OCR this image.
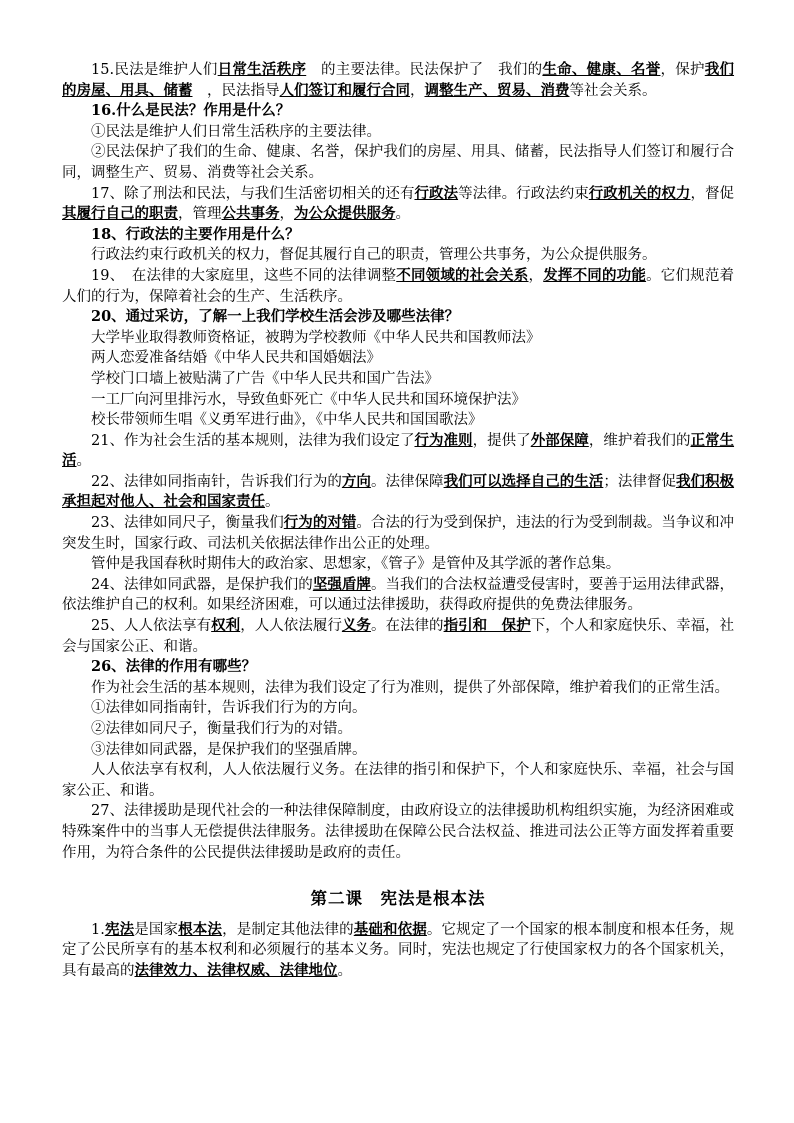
15.民法是维护人们日常生活秩序　的主要法律。民法保护了　我们的生命、健康、名誉，保护我们的房屋、用具、储蓄　，民法指导人们签订和履行合同，调整生产、贸易、消费等社会关系。

16.什么是民法？作用是什么？

①民法是维护人们日常生活秩序的主要法律。

②民法保护了我们的生命、健康、名誉，保护我们的房屋、用具、储蓄，民法指导人们签订和履行合同，调整生产、贸易、消费等社会关系。

17、除了刑法和民法，与我们生活密切相关的还有行政法等法律。行政法约束行政机关的权力，督促其履行自己的职责，管理公共事务，为公众提供服务。

18、行政法的主要作用是什么？

行政法约束行政机关的权力，督促其履行自己的职责，管理公共事务，为公众提供服务。

19、　在法律的大家庭里，这些不同的法律调整不同领域的社会关系，发挥不同的功能。它们规范着人们的行为，保障着社会的生产、生活秩序。

20、通过采访，了解一上我们学校生活会涉及哪些法律？

大学毕业取得教师资格证，被聘为学校教师《中华人民共和国教师法》

两人恋爱准备结婚《中华人民共和国婚姻法》

学校门口墙上被贴满了广告《中华人民共和国广告法》

一工厂向河里排污水，导致鱼虾死亡《中华人民共和国环境保护法》

校长带领师生唱《义勇军进行曲》，《中华人民共和国国歌法》

21、作为社会生活的基本规则，法律为我们设定了行为准则，提供了外部保障，维护着我们的正常生活。

22、法律如同指南针，告诉我们行为的方向。法律保障我们可以选择自己的生活；法律督促我们积极承担起对他人、社会和国家责任。

23、法律如同尺子，衡量我们行为的对错。合法的行为受到保护，违法的行为受到制裁。当争议和冲突发生时，国家行政、司法机关依据法律作出公正的处理。

管仲是我国春秋时期伟大的政治家、思想家，《管子》是管仲及其学派的著作总集。

24、法律如同武器，是保护我们的坚强盾牌。当我们的合法权益遭受侵害时，要善于运用法律武器，依法维护自己的权利。如果经济困难，可以通过法律援助，获得政府提供的免费法律服务。

25、人人依法享有权利，人人依法履行义务。在法律的指引和　保护下，个人和家庭快乐、幸福，社会与国家公正、和谐。

26、法律的作用有哪些？

作为社会生活的基本规则，法律为我们设定了行为准则，提供了外部保障，维护着我们的正常生活。

①法律如同指南针，告诉我们行为的方向。

②法律如同尺子，衡量我们行为的对错。

③法律如同武器，是保护我们的坚强盾牌。

人人依法享有权利，人人依法履行义务。在法律的指引和保护下，个人和家庭快乐、幸福，社会与国家公正、和谐。

27、法律援助是现代社会的一种法律保障制度，由政府设立的法律援助机构组织实施，为经济困难或特殊案件中的当事人无偿提供法律服务。法律援助在保障公民合法权益、推进司法公正等方面发挥着重要作用，为符合条件的公民提供法律援助是政府的责任。

第二课　宪法是根本法

1.宪法是国家根本法，是制定其他法律的基础和依据。它规定了一个国家的根本制度和根本任务，规定了公民所享有的基本权利和必须履行的基本义务。同时，宪法也规定了行使国家权力的各个国家机关，具有最高的法律效力、法律权威、法律地位。
